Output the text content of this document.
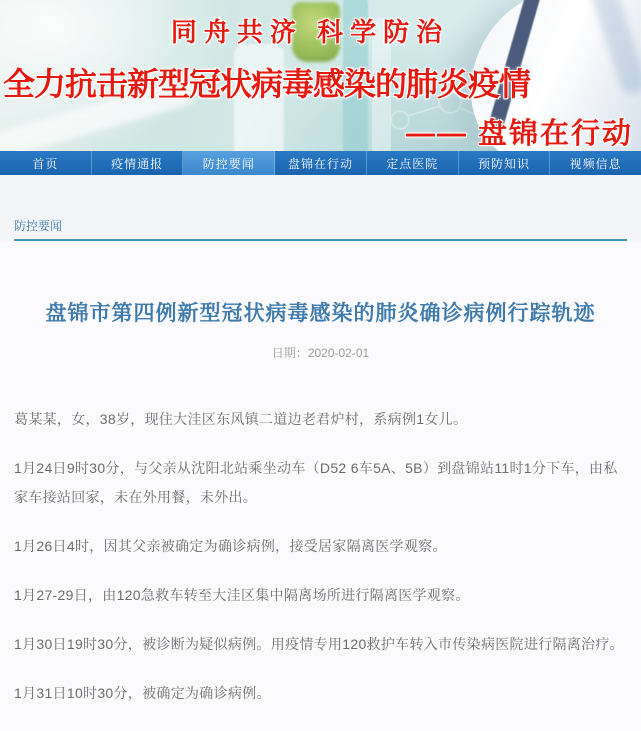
同舟共济 科学防治
全力抗击新型冠状病毒感染的肺炎疫情
—— 盘锦在行动
首页	疫情通报	防控要闻	盘锦在行动	定点医院	预防知识	视频信息
防控要闻
盘锦市第四例新型冠状病毒感染的肺炎确诊病例行踪轨迹
日期：2020-02-01

葛某某，女，38岁，现住大洼区东风镇二道边老君炉村，系病例1女儿。

1月24日9时30分，与父亲从沈阳北站乘坐动车（D52 6车5A、5B）到盘锦站11时1分下车，由私家车接站回家，未在外用餐，未外出。

1月26日4时，因其父亲被确定为确诊病例，接受居家隔离医学观察。

1月27-29日，由120急救车转至大洼区集中隔离场所进行隔离医学观察。

1月30日19时30分，被诊断为疑似病例。用疫情专用120救护车转入市传染病医院进行隔离治疗。

1月31日10时30分，被确定为确诊病例。
